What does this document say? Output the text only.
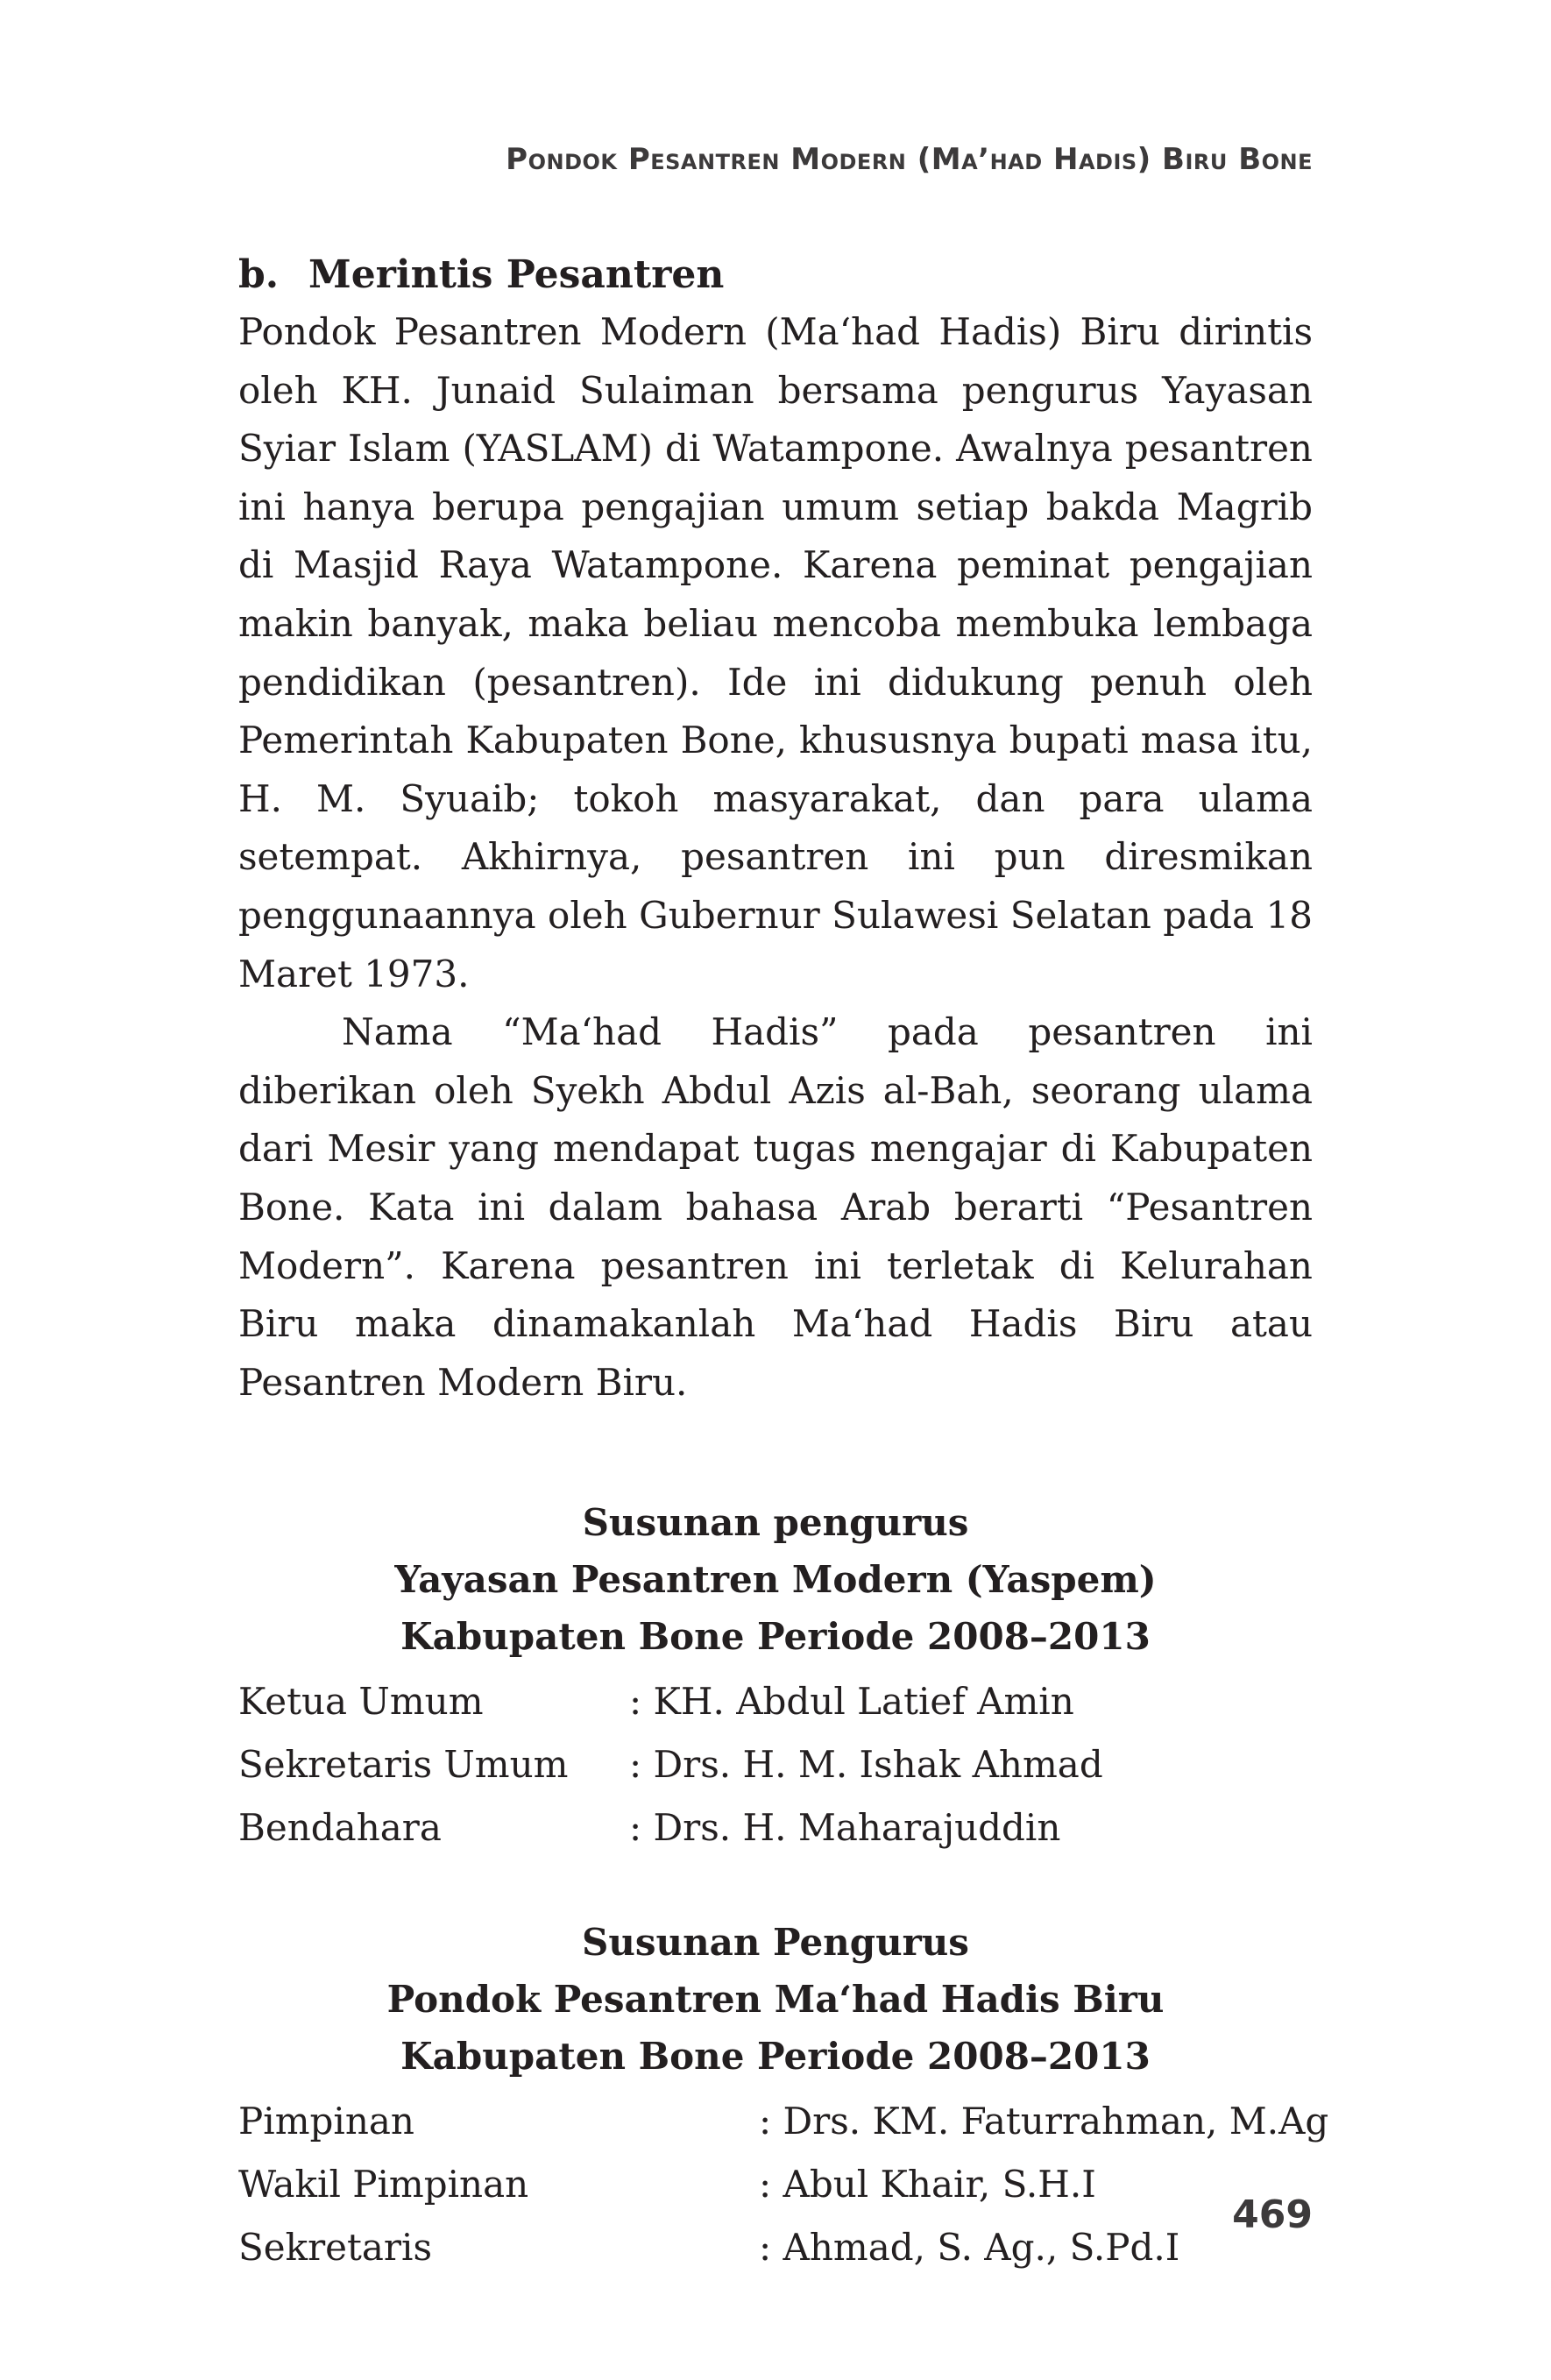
Pondok Pesantren Modern (Ma’had Hadis) Biru Bone
b. Merintis Pesantren

Pondok Pesantren Modern (Ma‘had Hadis) Biru dirintis oleh KH. Junaid Sulaiman bersama pengurus Yayasan Syiar Islam (YASLAM) di Watampone. Awalnya pesantren ini hanya berupa pengajian umum setiap bakda Magrib di Masjid Raya Watampone. Karena peminat pengajian makin banyak, maka beliau mencoba membuka lembaga pendidikan (pesantren). Ide ini didukung penuh oleh Pemerintah Kabupaten Bone, khususnya bupati masa itu, H. M. Syuaib; tokoh masyarakat, dan para ulama setempat. Akhirnya, pesantren ini pun diresmikan penggunaannya oleh Gubernur Sulawesi Selatan pada 18 Maret 1973.

Nama “Ma‘had Hadis” pada pesantren ini diberikan oleh Syekh Abdul Azis al-Bah, seorang ulama dari Mesir yang mendapat tugas mengajar di Kabupaten Bone. Kata ini dalam bahasa Arab berarti “Pesantren Modern”. Karena pesantren ini terletak di Kelurahan Biru maka dinamakanlah Ma‘had Hadis Biru atau Pesantren Modern Biru.

Susunan pengurus

Yayasan Pesantren Modern (Yaspem)

Kabupaten Bone Periode 2008–2013

Ketua Umum	: KH. Abdul Latief Amin
Sekretaris Umum	: Drs. H. M. Ishak Ahmad
Bendahara	: Drs. H. Maharajuddin

Susunan Pengurus

Pondok Pesantren Ma‘had Hadis Biru

Kabupaten Bone Periode 2008–2013

Pimpinan	: Drs. KM. Faturrahman, M.Ag
Wakil Pimpinan	: Abul Khair, S.H.I
Sekretaris	: Ahmad, S. Ag., S.Pd.I
469
